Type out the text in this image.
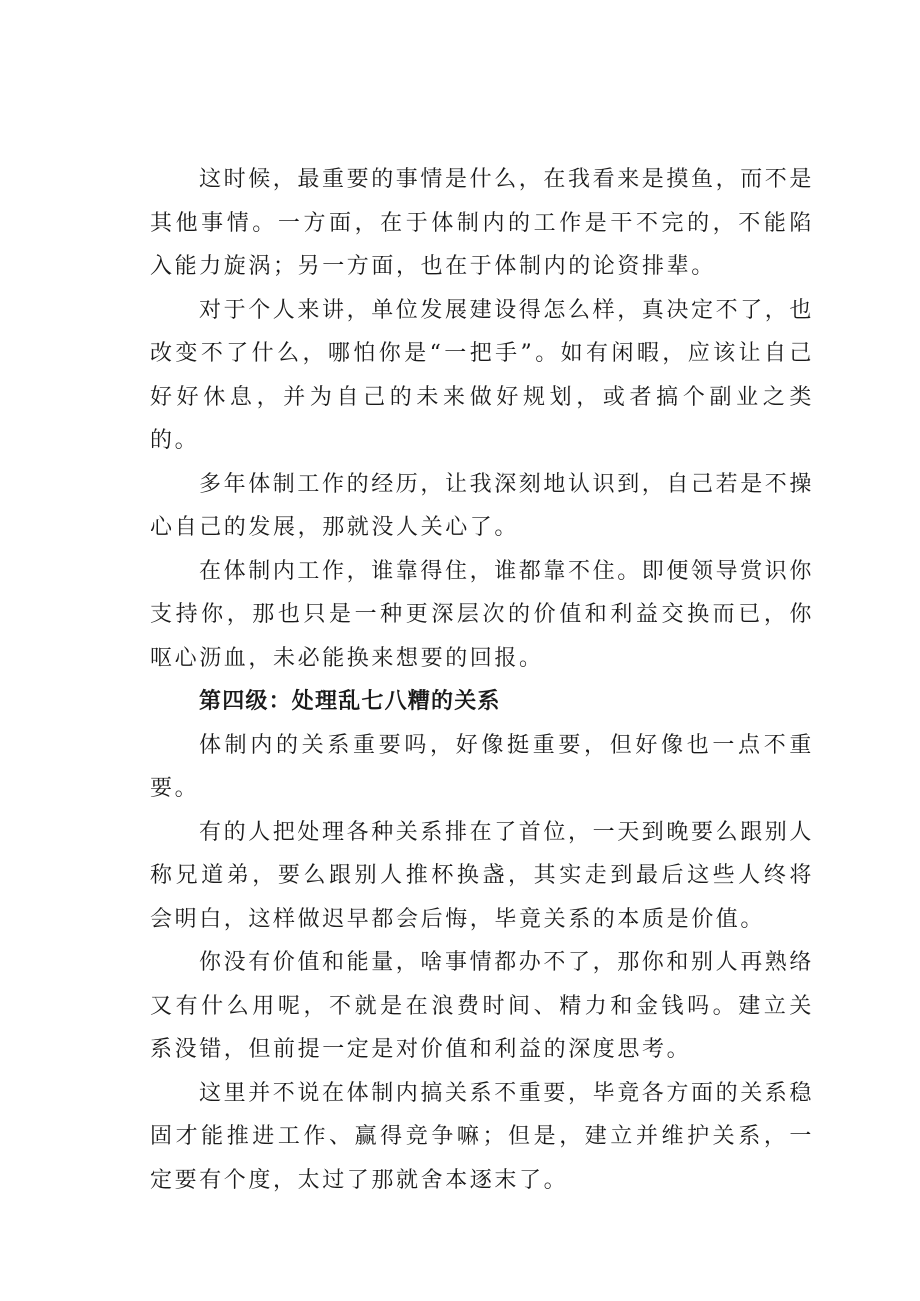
这时候，最重要的事情是什么，在我看来是摸鱼，而不是其他事情。一方面，在于体制内的工作是干不完的，不能陷入能力旋涡；另一方面，也在于体制内的论资排辈。

对于个人来讲，单位发展建设得怎么样，真决定不了，也改变不了什么，哪怕你是“一把手”。如有闲暇，应该让自己好好休息，并为自己的未来做好规划，或者搞个副业之类的。

多年体制工作的经历，让我深刻地认识到，自己若是不操心自己的发展，那就没人关心了。

在体制内工作，谁靠得住，谁都靠不住。即便领导赏识你支持你，那也只是一种更深层次的价值和利益交换而已，你呕心沥血，未必能换来想要的回报。

第四级：处理乱七八糟的关系

体制内的关系重要吗，好像挺重要，但好像也一点不重要。

有的人把处理各种关系排在了首位，一天到晚要么跟别人称兄道弟，要么跟别人推杯换盏，其实走到最后这些人终将会明白，这样做迟早都会后悔，毕竟关系的本质是价值。

你没有价值和能量，啥事情都办不了，那你和别人再熟络又有什么用呢，不就是在浪费时间、精力和金钱吗。建立关系没错，但前提一定是对价值和利益的深度思考。

这里并不说在体制内搞关系不重要，毕竟各方面的关系稳固才能推进工作、赢得竞争嘛；但是，建立并维护关系，一定要有个度，太过了那就舍本逐末了。
